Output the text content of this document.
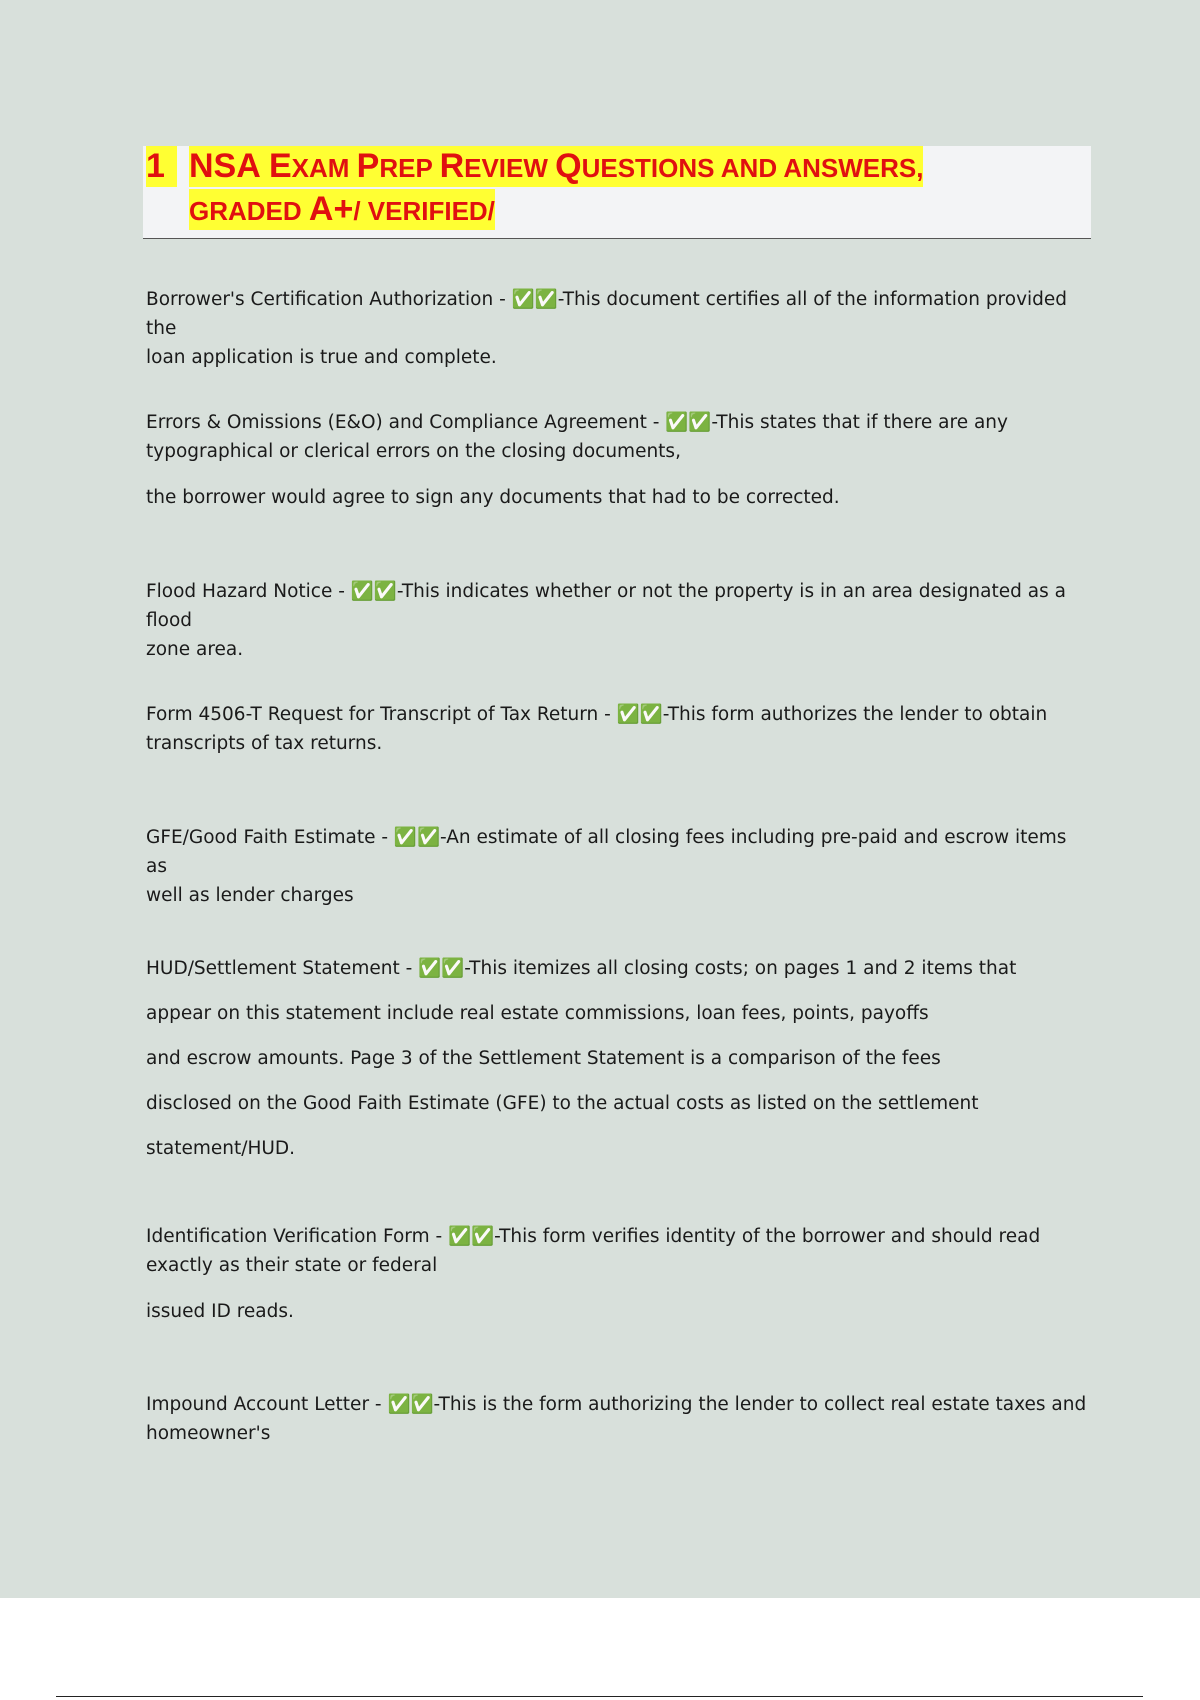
1 NSA EXAM PREP REVIEW QUESTIONS AND ANSWERS,
GRADED A+/ VERIFIED/

Borrower's Certification Authorization - ✅✅-This document certifies all of the information provided the

loan application is true and complete.

Errors & Omissions (E&O) and Compliance Agreement - ✅✅-This states that if there are any

typographical or clerical errors on the closing documents,

the borrower would agree to sign any documents that had to be corrected.

Flood Hazard Notice - ✅✅-This indicates whether or not the property is in an area designated as a flood

zone area.

Form 4506-T Request for Transcript of Tax Return - ✅✅-This form authorizes the lender to obtain

transcripts of tax returns.

GFE/Good Faith Estimate - ✅✅-An estimate of all closing fees including pre-paid and escrow items as

well as lender charges

HUD/Settlement Statement - ✅✅-This itemizes all closing costs; on pages 1 and 2 items that

appear on this statement include real estate commissions, loan fees, points, payoffs

and escrow amounts. Page 3 of the Settlement Statement is a comparison of the fees

disclosed on the Good Faith Estimate (GFE) to the actual costs as listed on the settlement

statement/HUD.

Identification Verification Form - ✅✅-This form verifies identity of the borrower and should read

exactly as their state or federal

issued ID reads.

Impound Account Letter - ✅✅-This is the form authorizing the lender to collect real estate taxes and

homeowner's
